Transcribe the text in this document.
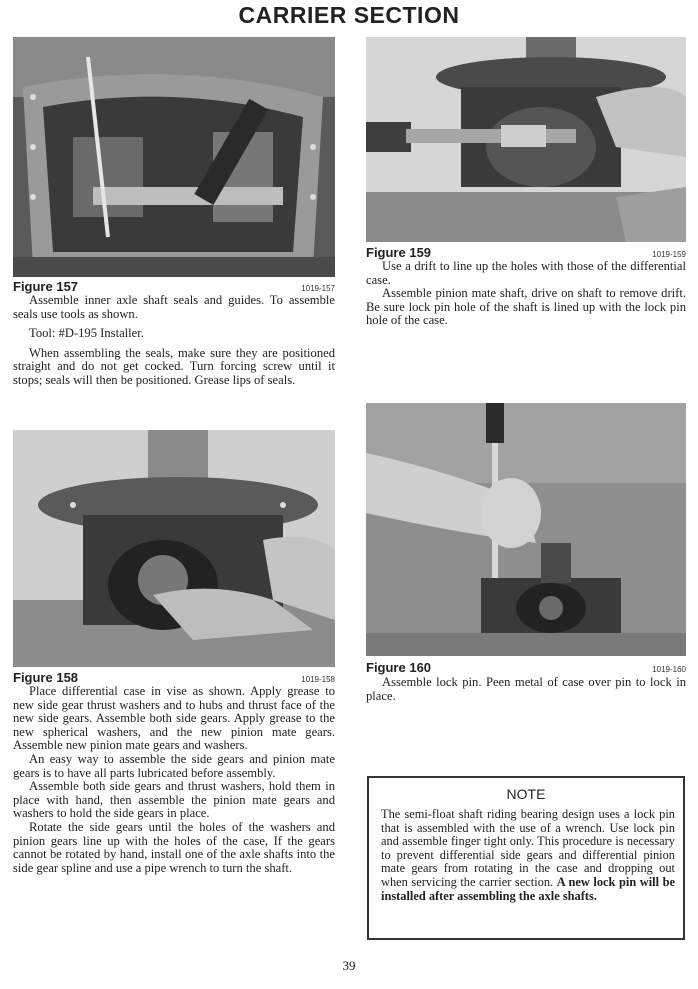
CARRIER SECTION
Figure 157	1019-157

Assemble inner axle shaft seals and guides. To assemble seals use tools as shown.

Tool: #D-195 Installer.

When assembling the seals, make sure they are positioned straight and do not get cocked. Turn forcing screw until it stops; seals will then be positioned. Grease lips of seals.

Figure 158	1019-158

Place differential case in vise as shown. Apply grease to new side gear thrust washers and to hubs and thrust face of the new side gears. Assemble both side gears. Apply grease to the new spherical washers, and the new pinion mate gears. Assemble new pinion mate gears and washers.

An easy way to assemble the side gears and pinion mate gears is to have all parts lubricated before assembly.

Assemble both side gears and thrust washers, hold them in place with hand, then assemble the pinion mate gears and washers to hold the side gears in place.

Rotate the side gears until the holes of the washers and pinion gears line up with the holes of the case, If the gears cannot be rotated by hand, install one of the axle shafts into the side gear spline and use a pipe wrench to turn the shaft.

Figure 159	1019-159

Use a drift to line up the holes with those of the differential case.

Assemble pinion mate shaft, drive on shaft to remove drift. Be sure lock pin hole of the shaft is lined up with the lock pin hole of the case.

Figure 160	1019-160

Assemble lock pin. Peen metal of case over pin to lock in place.

NOTE
The semi-float shaft riding bearing design uses a lock pin that is assembled with the use of a wrench. Use lock pin and assemble finger tight only. This procedure is necessary to prevent differential side gears and differential pinion mate gears from rotating in the case and dropping out when servicing the carrier section. A new lock pin will be installed after assembling the axle shafts.
39
